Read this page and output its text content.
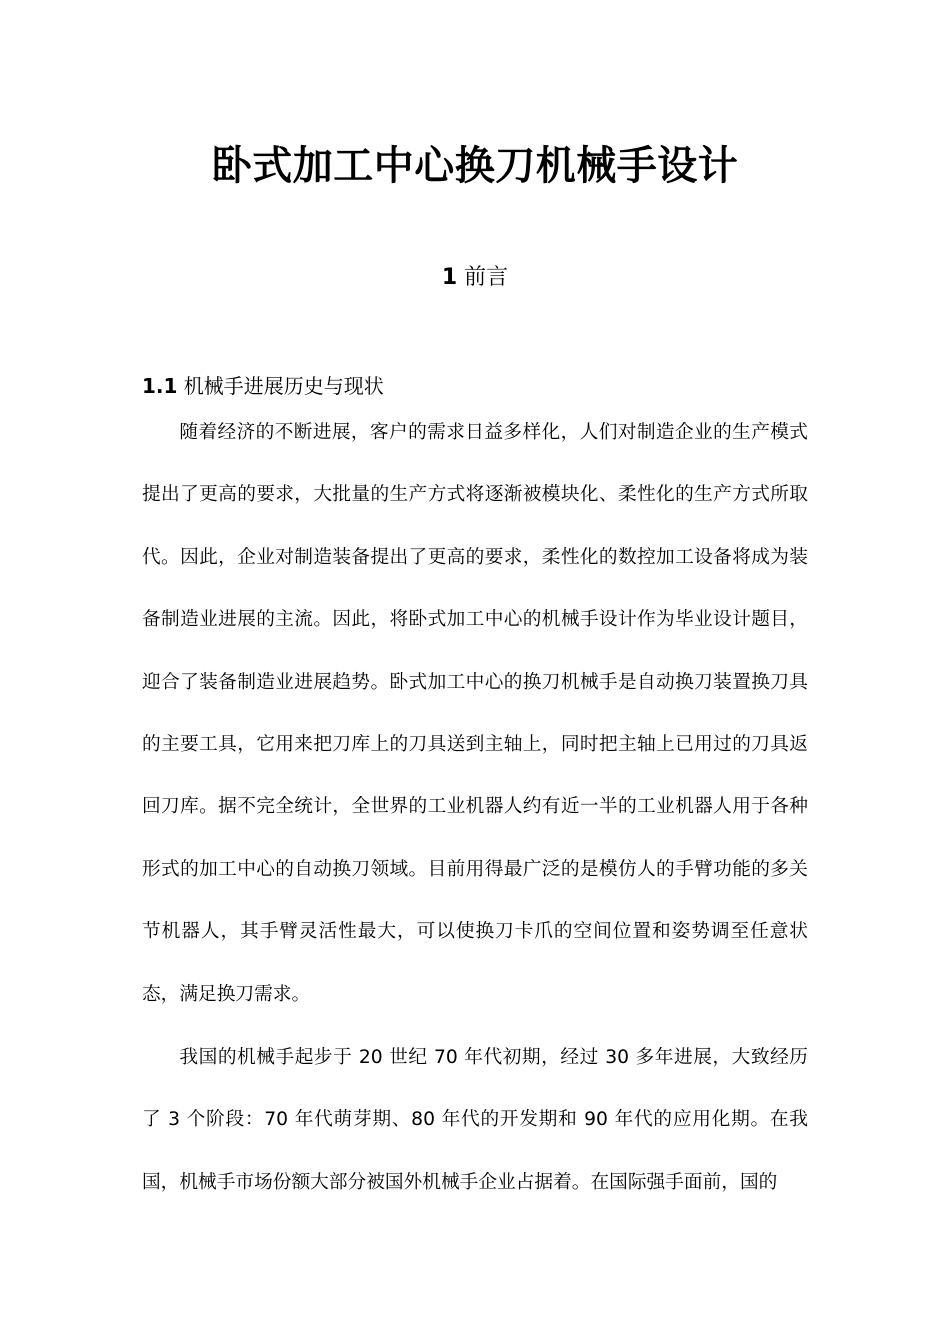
卧式加工中心换刀机械手设计
1 前言
1.1 机械手进展历史与现状

随着经济的不断进展，客户的需求日益多样化，人们对制造企业的生产模式提出了更高的要求，大批量的生产方式将逐渐被模块化、柔性化的生产方式所取代。因此，企业对制造装备提出了更高的要求，柔性化的数控加工设备将成为装备制造业进展的主流。因此，将卧式加工中心的机械手设计作为毕业设计题目，迎合了装备制造业进展趋势。卧式加工中心的换刀机械手是自动换刀装置换刀具的主要工具，它用来把刀库上的刀具送到主轴上，同时把主轴上已用过的刀具返回刀库。据不完全统计，全世界的工业机器人约有近一半的工业机器人用于各种形式的加工中心的自动换刀领域。目前用得最广泛的是模仿人的手臂功能的多关节机器人，其手臂灵活性最大，可以使换刀卡爪的空间位置和姿势调至任意状态，满足换刀需求。

我国的机械手起步于 20 世纪 70 年代初期，经过 30 多年进展，大致经历了 3 个阶段：70 年代萌芽期、80 年代的开发期和 90 年代的应用化期。在我国，机械手市场份额大部分被国外机械手企业占据着。在国际强手面前，国的
